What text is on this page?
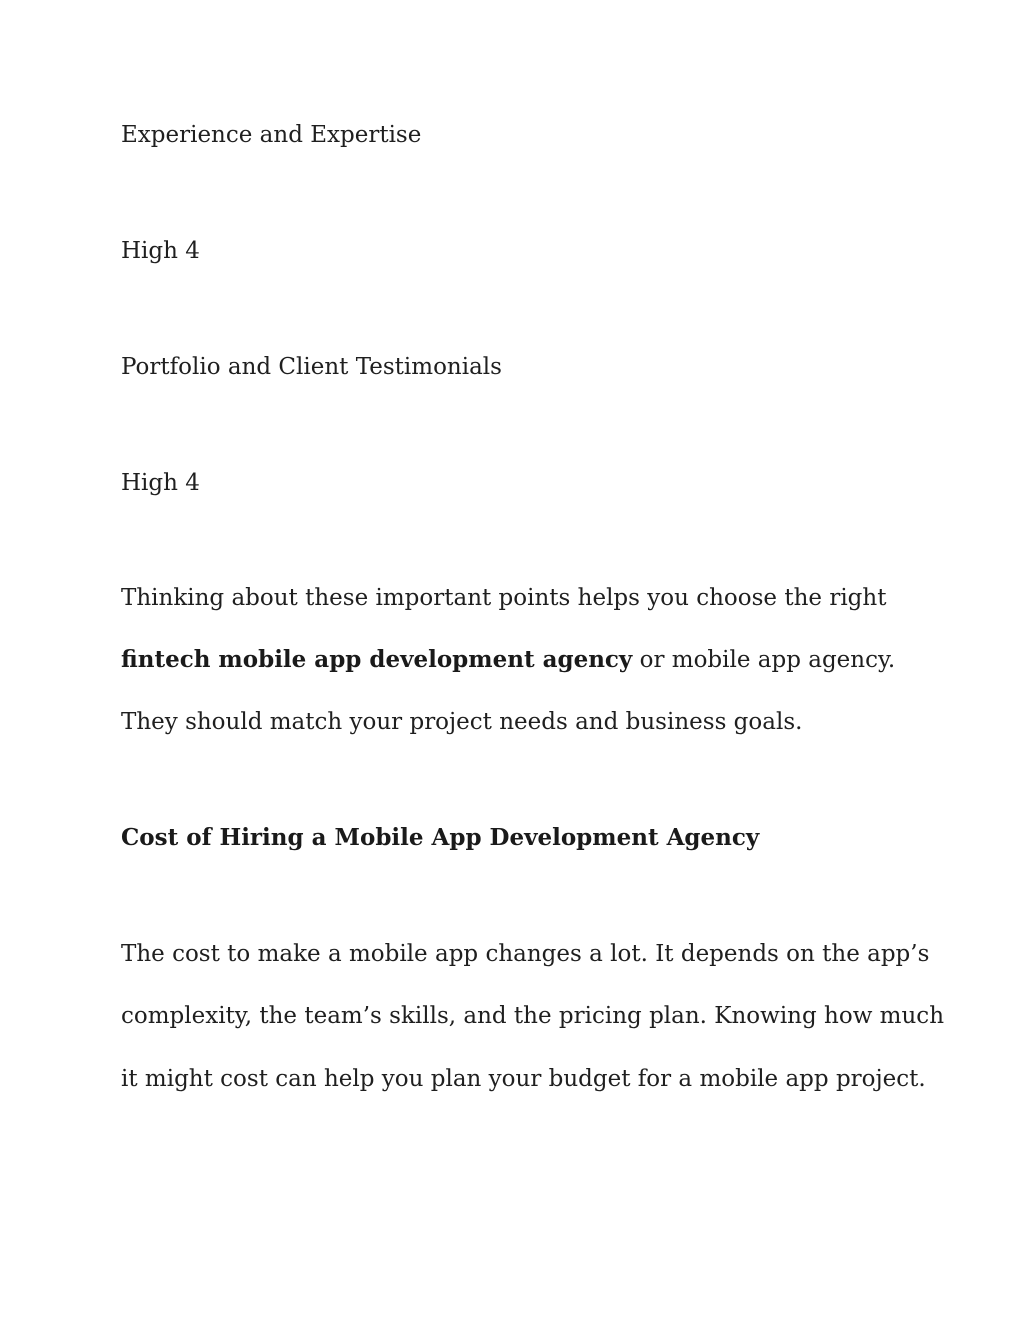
Experience and Expertise

High 4

Portfolio and Client Testimonials

High 4

Thinking about these important points helps you choose the right

fintech mobile app development agency or mobile app agency.

They should match your project needs and business goals.

Cost of Hiring a Mobile App Development Agency

The cost to make a mobile app changes a lot. It depends on the app’s

complexity, the team’s skills, and the pricing plan. Knowing how much

it might cost can help you plan your budget for a mobile app project.
